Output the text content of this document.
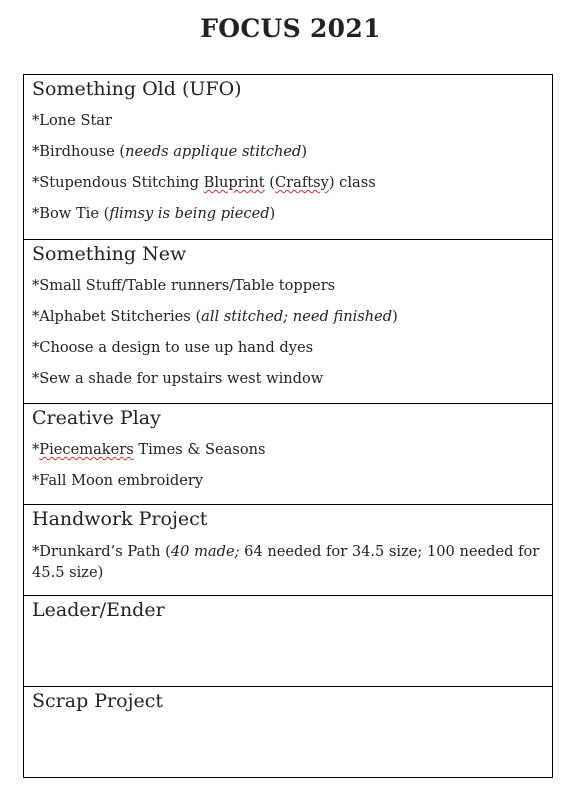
FOCUS 2021
Something Old (UFO)
*Lone Star
*Birdhouse (needs applique stitched)
*Stupendous Stitching Bluprint (Craftsy) class
*Bow Tie (flimsy is being pieced)
Something New
*Small Stuff/Table runners/Table toppers
*Alphabet Stitcheries (all stitched; need finished)
*Choose a design to use up hand dyes
*Sew a shade for upstairs west window
Creative Play
*Piecemakers Times & Seasons
*Fall Moon embroidery
Handwork Project
*Drunkard’s Path (40 made; 64 needed for 34.5 size; 100 needed for 45.5 size)
Leader/Ender
Scrap Project
